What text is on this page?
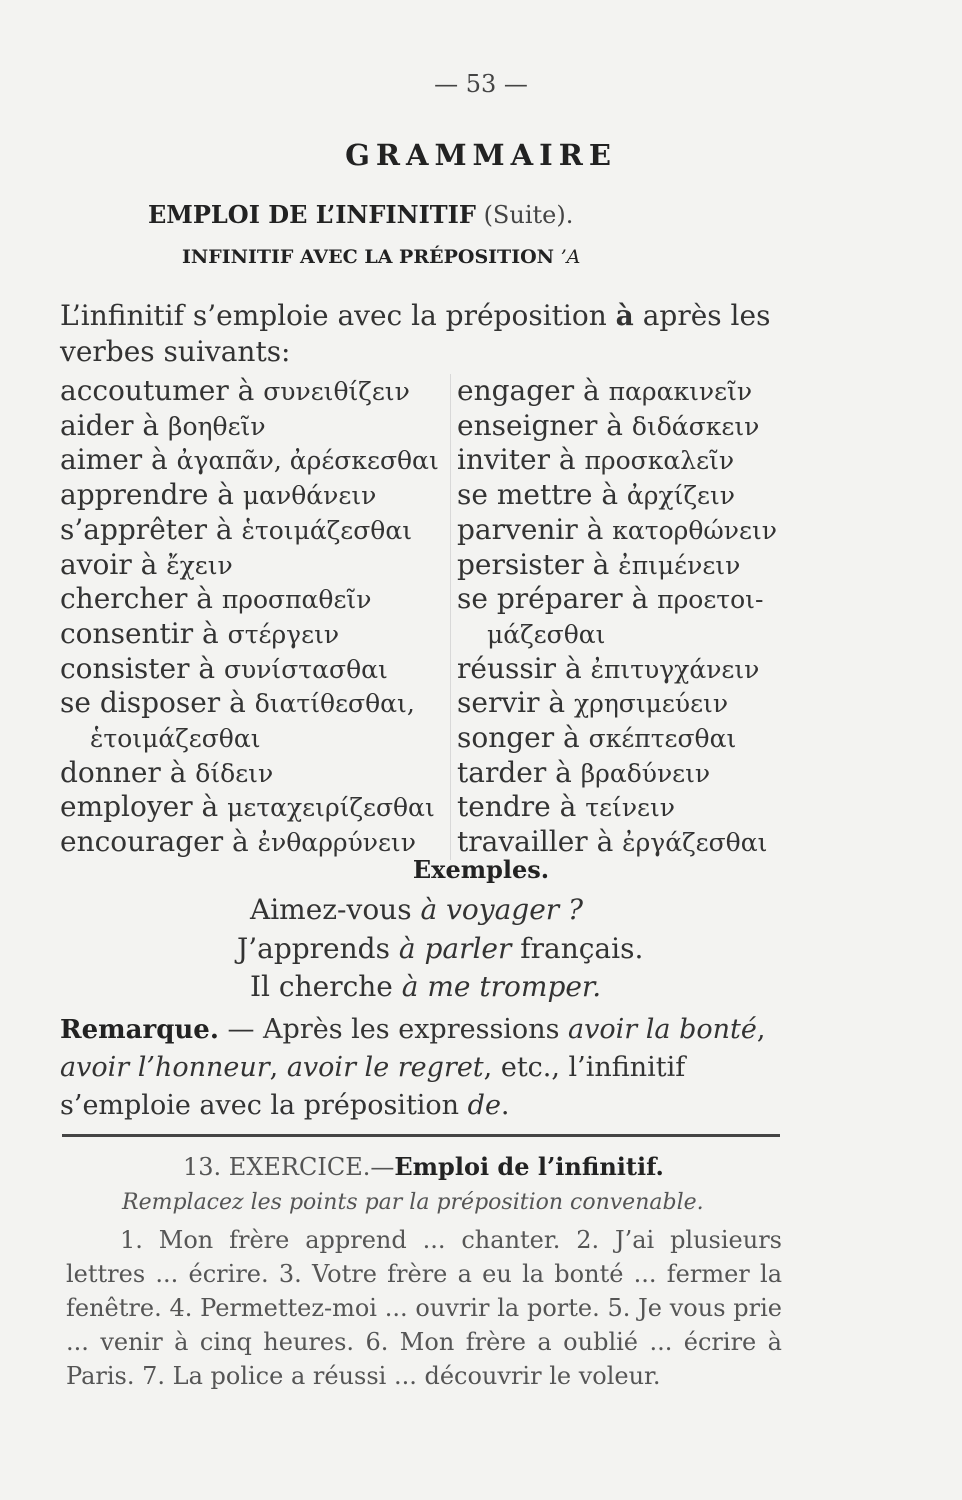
— 53 —
GRAMMAIRE
EMPLOI DE L’INFINITIF (Suite).
INFINITIF AVEC LA PRÉPOSITION ’Α
L’infinitif s’emploie avec la préposition à après les verbes suivants:
accoutumer à συνειθίζειν
aider à βοηθεῖν
aimer à ἀγαπᾶν, ἀρέσκεσθαι
apprendre à μανθάνειν
s’apprêter à ἑτοιμάζεσθαι
avoir à ἔχειν
chercher à προσπαθεῖν
consentir à στέργειν
consister à συνίστασθαι
se disposer à διατίθεσθαι,
ἑτοιμάζεσθαι
donner à δίδειν
employer à μεταχειρίζεσθαι
encourager à ἐνθαρρύνειν
engager à παρακινεῖν
enseigner à διδάσκειν
inviter à προσκαλεῖν
se mettre à ἀρχίζειν
parvenir à κατορθώνειν
persister à ἐπιμένειν
se préparer à προετοι-
μάζεσθαι
réussir à ἐπιτυγχάνειν
servir à χρησιμεύειν
songer à σκέπτεσθαι
tarder à βραδύνειν
tendre à τείνειν
travailler à ἐργάζεσθαι
Exemples.
Aimez-vous à voyager ?
J’apprends à parler français.
Il cherche à me tromper.
Remarque. — Après les expressions avoir la bonté, avoir l’honneur, avoir le regret, etc., l’infinitif s’emploie avec la préposition de.
13. EXERCICE.—Emploi de l’infinitif.
Remplacez les points par la préposition convenable.
1. Mon frère apprend ... chanter. 2. J’ai plusieurs lettres ... écrire. 3. Votre frère a eu la bonté ... fermer la fenêtre. 4. Permettez-moi ... ouvrir la porte. 5. Je vous prie ... venir à cinq heures. 6. Mon frère a oublié ... écrire à Paris. 7. La police a réussi ... découvrir le voleur.
